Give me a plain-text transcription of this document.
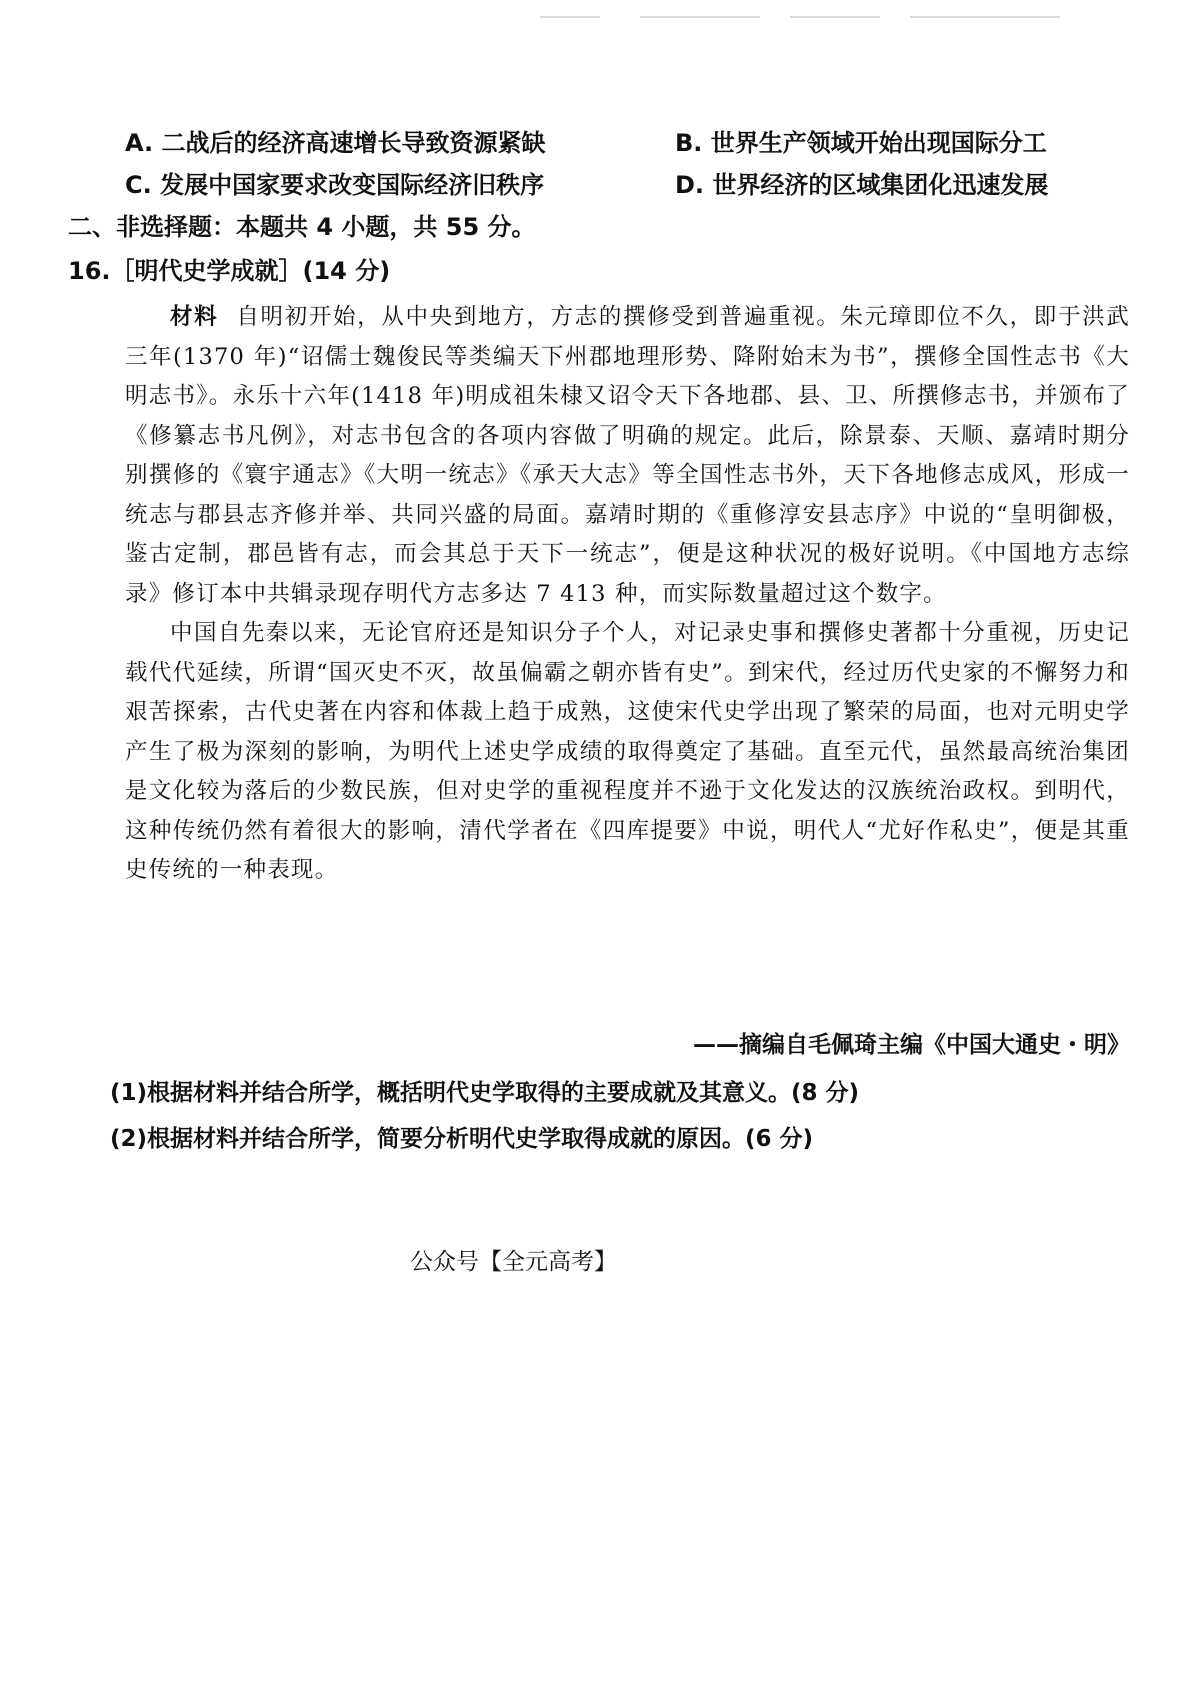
A. 二战后的经济高速增长导致资源紧缺	B. 世界生产领域开始出现国际分工
C. 发展中国家要求改变国际经济旧秩序	D. 世界经济的区域集团化迅速发展
二、非选择题：本题共 4 小题，共 55 分。
16.［明代史学成就］(14 分)

材料 自明初开始，从中央到地方，方志的撰修受到普遍重视。朱元璋即位不久，即于洪武三年(1370 年)“诏儒士魏俊民等类编天下州郡地理形势、降附始末为书”，撰修全国性志书《大明志书》。永乐十六年(1418 年)明成祖朱棣又诏令天下各地郡、县、卫、所撰修志书，并颁布了《修纂志书凡例》，对志书包含的各项内容做了明确的规定。此后，除景泰、天顺、嘉靖时期分别撰修的《寰宇通志》《大明一统志》《承天大志》等全国性志书外，天下各地修志成风，形成一统志与郡县志齐修并举、共同兴盛的局面。嘉靖时期的《重修淳安县志序》中说的“皇明御极，鉴古定制，郡邑皆有志，而会其总于天下一统志”，便是这种状况的极好说明。《中国地方志综录》修订本中共辑录现存明代方志多达 7 413 种，而实际数量超过这个数字。

中国自先秦以来，无论官府还是知识分子个人，对记录史事和撰修史著都十分重视，历史记载代代延续，所谓“国灭史不灭，故虽偏霸之朝亦皆有史”。到宋代，经过历代史家的不懈努力和艰苦探索，古代史著在内容和体裁上趋于成熟，这使宋代史学出现了繁荣的局面，也对元明史学产生了极为深刻的影响，为明代上述史学成绩的取得奠定了基础。直至元代，虽然最高统治集团是文化较为落后的少数民族，但对史学的重视程度并不逊于文化发达的汉族统治政权。到明代，这种传统仍然有着很大的影响，清代学者在《四库提要》中说，明代人“尤好作私史”，便是其重史传统的一种表现。

——摘编自毛佩琦主编《中国大通史・明》
(1)根据材料并结合所学，概括明代史学取得的主要成就及其意义。(8 分)
(2)根据材料并结合所学，简要分析明代史学取得成就的原因。(6 分)
公众号【全元高考】
